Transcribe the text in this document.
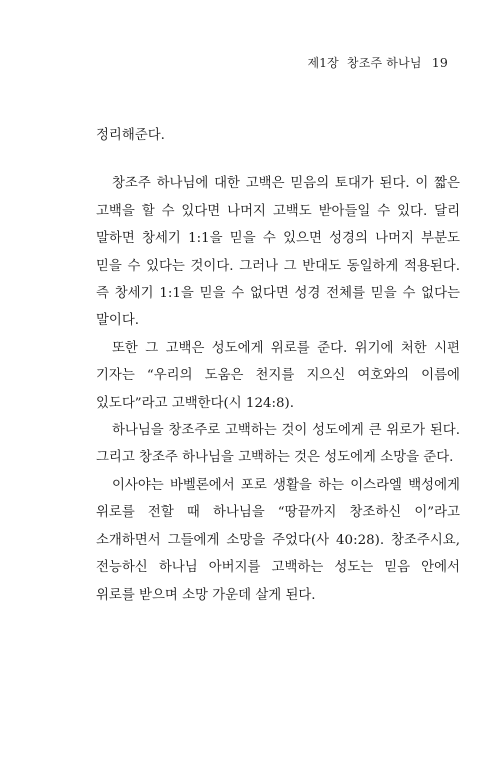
제1장 창조주 하나님 19

정리해준다.

창조주 하나님에 대한 고백은 믿음의 토대가 된다. 이 짧은 고백을 할 수 있다면 나머지 고백도 받아들일 수 있다. 달리 말하면 창세기 1:1을 믿을 수 있으면 성경의 나머지 부분도 믿을 수 있다는 것이다. 그러나 그 반대도 동일하게 적용된다. 즉 창세기 1:1을 믿을 수 없다면 성경 전체를 믿을 수 없다는 말이다.

또한 그 고백은 성도에게 위로를 준다. 위기에 처한 시편 기자는 “우리의 도움은 천지를 지으신 여호와의 이름에 있도다”라고 고백한다(시 124:8).

하나님을 창조주로 고백하는 것이 성도에게 큰 위로가 된다. 그리고 창조주 하나님을 고백하는 것은 성도에게 소망을 준다.

이사야는 바벨론에서 포로 생활을 하는 이스라엘 백성에게 위로를 전할 때 하나님을 “땅끝까지 창조하신 이”라고 소개하면서 그들에게 소망을 주었다(사 40:28). 창조주시요, 전능하신 하나님 아버지를 고백하는 성도는 믿음 안에서 위로를 받으며 소망 가운데 살게 된다.
